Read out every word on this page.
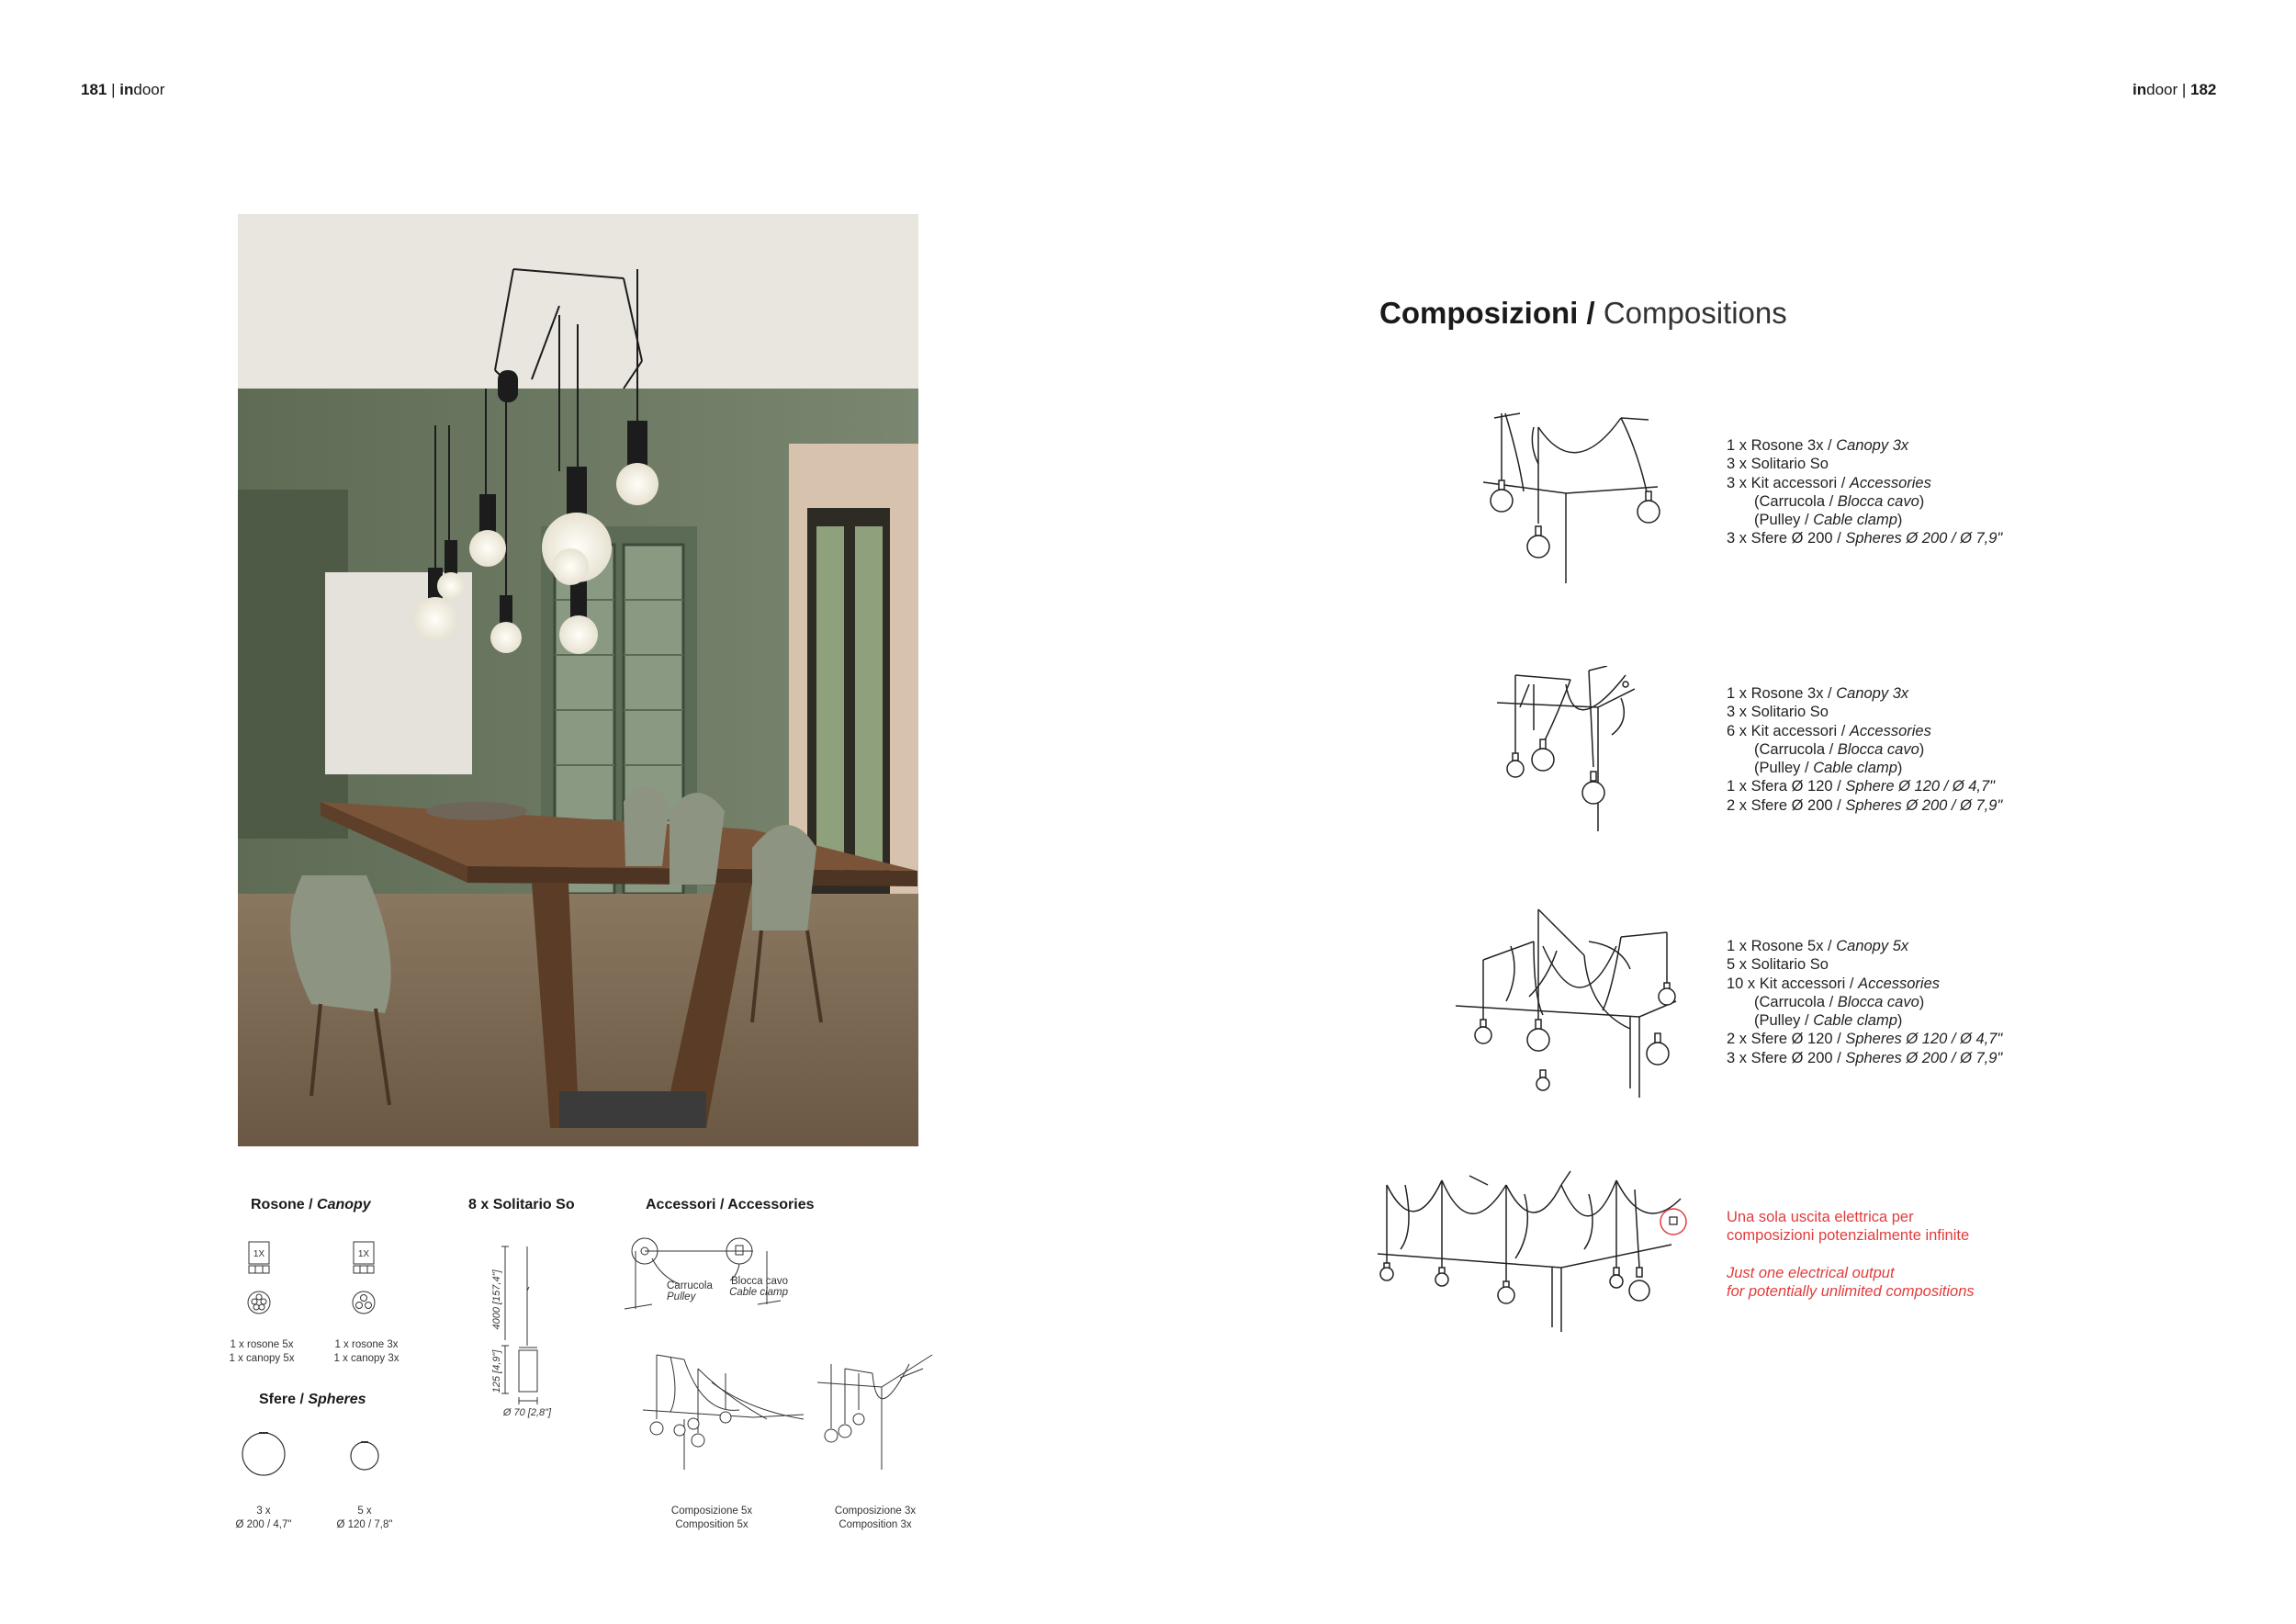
181 | indoor	indoor | 182
Composizioni / Compositions
1 x Rosone 3x / Canopy 3x
3 x Solitario So
3 x Kit accessori / Accessories
(Carrucola / Blocca cavo)
(Pulley / Cable clamp)
3 x Sfere Ø 200 / Spheres Ø 200 / Ø 7,9"
1 x Rosone 3x / Canopy 3x
3 x Solitario So
6 x Kit accessori / Accessories
(Carrucola / Blocca cavo)
(Pulley / Cable clamp)
1 x Sfera Ø 120 / Sphere Ø 120 / Ø 4,7"
2 x Sfere Ø 200 / Spheres Ø 200 / Ø 7,9"
1 x Rosone 5x / Canopy 5x
5 x Solitario So
10 x Kit accessori / Accessories
(Carrucola / Blocca cavo)
(Pulley / Cable clamp)
2 x Sfere Ø 120 / Spheres Ø 120 / Ø 4,7"
3 x Sfere Ø 200 / Spheres Ø 200 / Ø 7,9"
Una sola uscita elettrica per
composizioni potenzialmente infinite
Just one electrical output
for potentially unlimited compositions
Rosone / Canopy
1X	1X
1 x rosone 5x
1 x canopy 5x
1 x rosone 3x
1 x canopy 3x
Sfere / Spheres
3 x
Ø 200 / 4,7"
5 x
Ø 120 / 7,8"
8 x Solitario So
4000 [157,4"]
125 [4,9"]
Ø 70 [2,8"]
Accessori / Accessories
Carrucola
Pulley
Blocca cavo
Cable clamp
Composizione 5x
Composition 5x
Composizione 3x
Composition 3x
